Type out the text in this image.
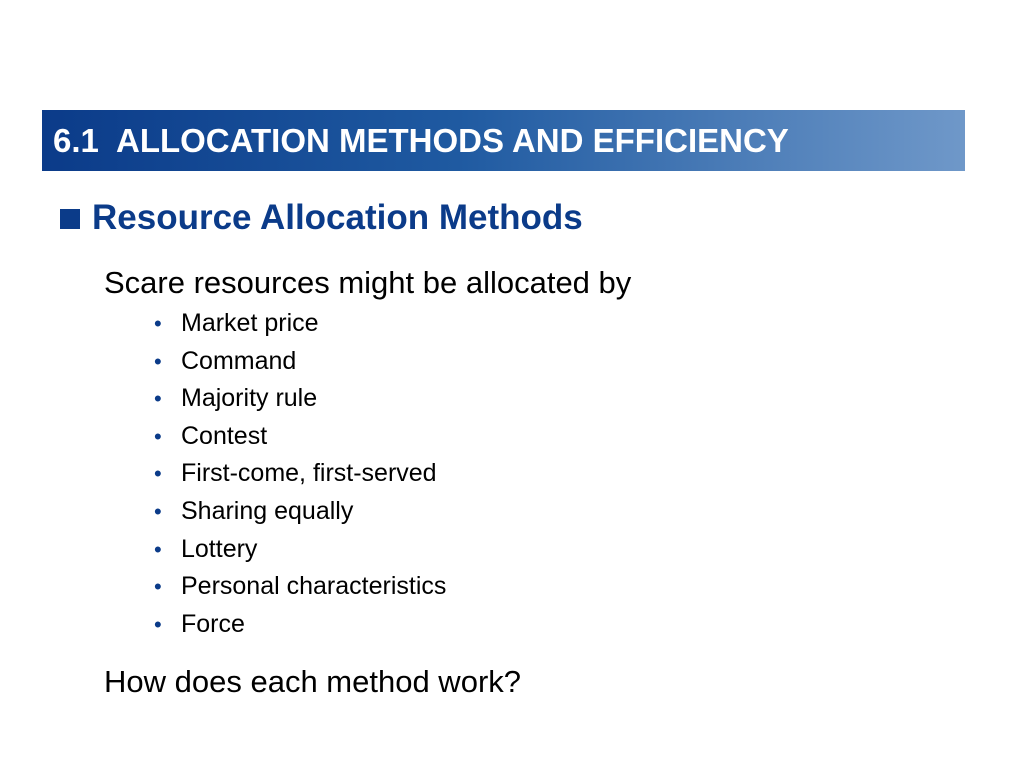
6.1  ALLOCATION METHODS AND EFFICIENCY
Resource Allocation Methods
Scare resources might be allocated by
• Market price
• Command
• Majority rule
• Contest
• First-come, first-served
• Sharing equally
• Lottery
• Personal characteristics
• Force
How does each method work?
